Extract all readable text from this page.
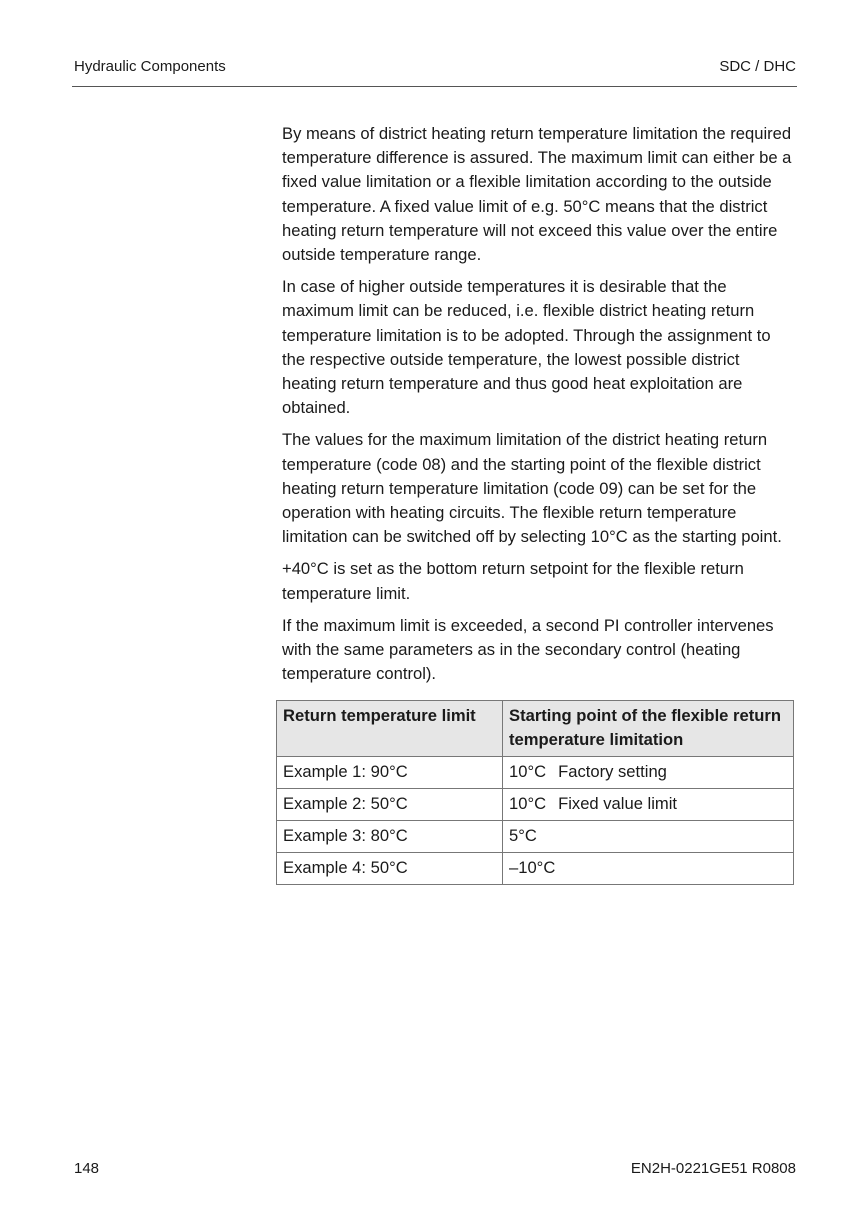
Hydraulic Components	SDC / DHC

By means of district heating return temperature limitation the required temperature difference is assured. The maximum limit can either be a fixed value limitation or a flexible limitation according to the outside temperature. A fixed value limit of e.g. 50°C means that the district heating return temperature will not exceed this value over the entire outside temperature range.

In case of higher outside temperatures it is desirable that the maximum limit can be reduced, i.e. flexible district heating return temperature limitation is to be adopted. Through the assignment to the respective outside temperature, the lowest possible district heating return temperature and thus good heat exploitation are obtained.

The values for the maximum limitation of the district heating return temperature (code 08) and the starting point of the flexible district heating return temperature limitation (code 09) can be set for the operation with heating circuits. The flexible return temperature limitation can be switched off by selecting 10°C as the starting point.

+40°C is set as the bottom return setpoint for the flexible return temperature limit.

If the maximum limit is exceeded, a second PI controller intervenes with the same parameters as in the secondary control (heating temperature control).

Return temperature limit	Starting point of the flexible return temperature limitation
Example 1: 90°C	10°C Factory setting
Example 2: 50°C	10°C Fixed value limit
Example 3: 80°C	5°C
Example 4: 50°C	–10°C
148	EN2H-0221GE51 R0808
